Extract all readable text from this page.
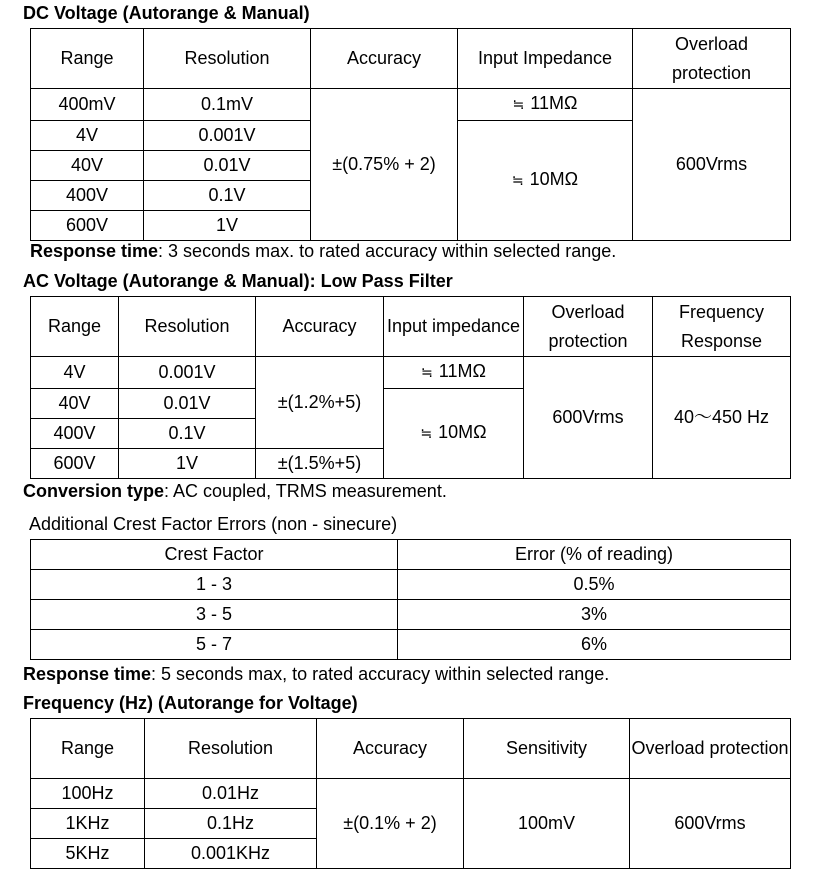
DC Voltage (Autorange & Manual)
Range	Resolution	Accuracy	Input Impedance	Overload protection
400mV	0.1mV	±(0.75% + 2)	≒ 11MΩ	600Vrms
4V	0.001V		≒ 10MΩ	
40V	0.01V			
400V	0.1V			
600V	1V			
Response time: 3 seconds max. to rated accuracy within selected range.
AC Voltage (Autorange & Manual): Low Pass Filter
Range	Resolution	Accuracy	Input impedance	Overload protection	Frequency Response
4V	0.001V	±(1.2%+5)	≒ 11MΩ	600Vrms	40～450 Hz
40V	0.01V		≒ 10MΩ		
400V	0.1V				
600V	1V	±(1.5%+5)			
Conversion type: AC coupled, TRMS measurement.
Additional Crest Factor Errors (non - sinecure)
Crest Factor	Error (% of reading)
1 - 3	0.5%
3 - 5	3%
5 - 7	6%
Response time: 5 seconds max, to rated accuracy within selected range.
Frequency (Hz) (Autorange for Voltage)
Range	Resolution	Accuracy	Sensitivity	Overload protection
100Hz	0.01Hz	±(0.1% + 2)	100mV	600Vrms
1KHz	0.1Hz			
5KHz	0.001KHz			
